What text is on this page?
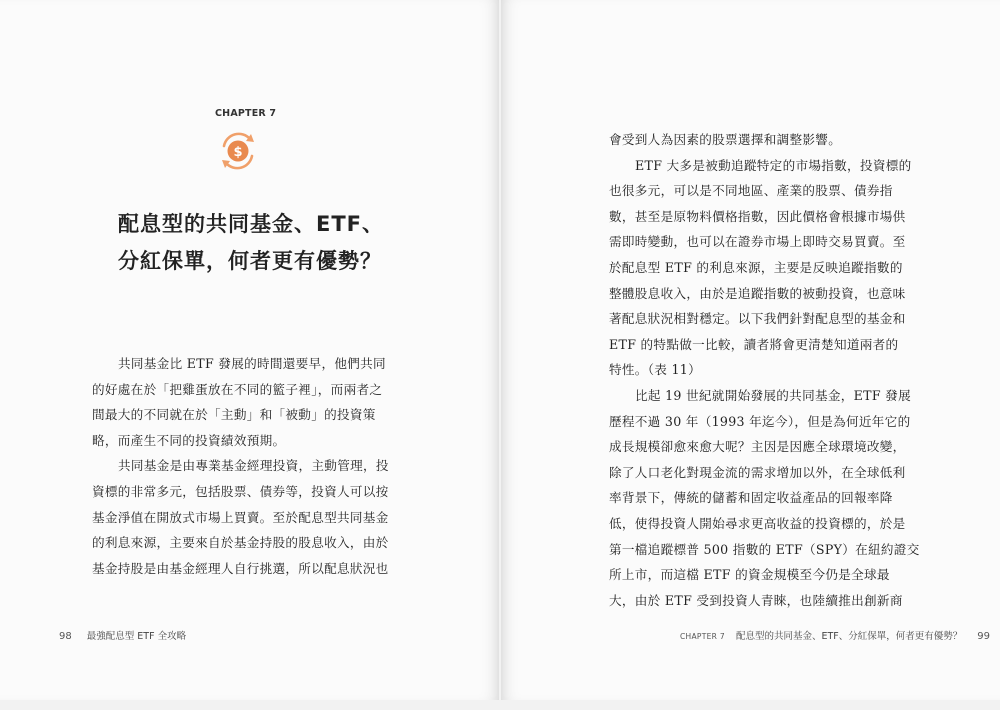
CHAPTER 7
$
配息型的共同基金、ETF、
分紅保單，何者更有優勢？
共同基金比 ETF 發展的時間還要早，他們共同
的好處在於「把雞蛋放在不同的籃子裡」，而兩者之
間最大的不同就在於「主動」和「被動」的投資策
略，而產生不同的投資績效預期。
共同基金是由專業基金經理投資，主動管理，投
資標的非常多元，包括股票、債券等，投資人可以按
基金淨值在開放式市場上買賣。至於配息型共同基金
的利息來源，主要來自於基金持股的股息收入，由於
基金持股是由基金經理人自行挑選，所以配息狀況也
98 最強配息型 ETF 全攻略
會受到人為因素的股票選擇和調整影響。
ETF 大多是被動追蹤特定的市場指數，投資標的
也很多元，可以是不同地區、產業的股票、債券指
數，甚至是原物料價格指數，因此價格會根據市場供
需即時變動，也可以在證券市場上即時交易買賣。至
於配息型 ETF 的利息來源，主要是反映追蹤指數的
整體股息收入，由於是追蹤指數的被動投資，也意味
著配息狀況相對穩定。以下我們針對配息型的基金和
ETF 的特點做一比較，讀者將會更清楚知道兩者的
特性。（表 11）
比起 19 世紀就開始發展的共同基金，ETF 發展
歷程不過 30 年（1993 年迄今），但是為何近年它的
成長規模卻愈來愈大呢？主因是因應全球環境改變，
除了人口老化對現金流的需求增加以外，在全球低利
率背景下，傳統的儲蓄和固定收益產品的回報率降
低，使得投資人開始尋求更高收益的投資標的，於是
第一檔追蹤標普 500 指數的 ETF（SPY）在紐約證交
所上市，而這檔 ETF 的資金規模至今仍是全球最
大，由於 ETF 受到投資人青睞，也陸續推出創新商
CHAPTER 7 配息型的共同基金、ETF、分紅保單，何者更有優勢？ 99
